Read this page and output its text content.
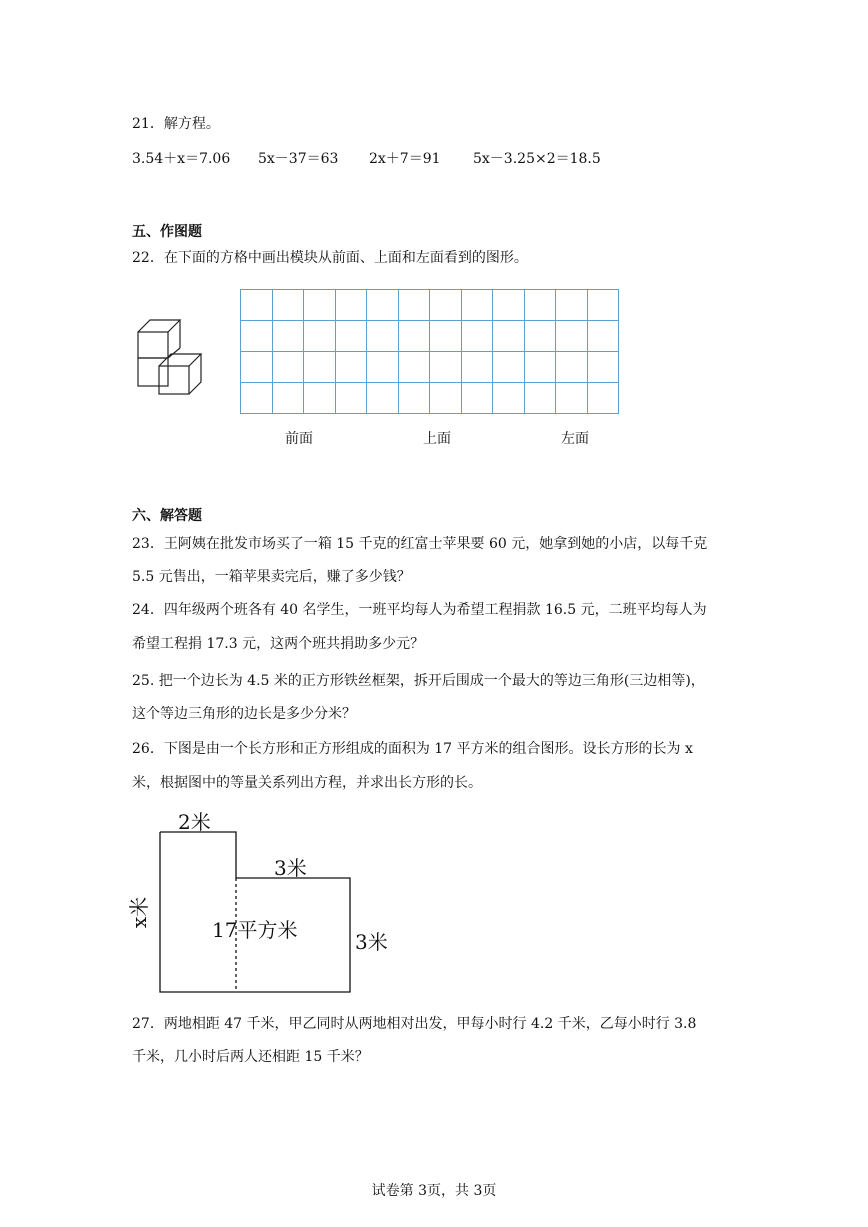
21．解方程。
3.54＋x＝7.06 5x－37＝63 2x＋7＝91 5x－3.25×2＝18.5
五、作图题
22．在下面的方格中画出模块从前面、上面和左面看到的图形。

前面	上面	左面
六、解答题
23．王阿姨在批发市场买了一箱 15 千克的红富士苹果要 60 元，她拿到她的小店，以每千克
5.5 元售出，一箱苹果卖完后，赚了多少钱？
24．四年级两个班各有 40 名学生，一班平均每人为希望工程捐款 16.5 元，二班平均每人为
希望工程捐 17.3 元，这两个班共捐助多少元？
25. 把一个边长为 4.5 米的正方形铁丝框架，拆开后围成一个最大的等边三角形(三边相等)，
这个等边三角形的边长是多少分米？
26．下图是由一个长方形和正方形组成的面积为 17 平方米的组合图形。设长方形的长为 x
米，根据图中的等量关系列出方程，并求出长方形的长。
2米
3米
17平方米	3米
x米
27．两地相距 47 千米，甲乙同时从两地相对出发，甲每小时行 4.2 千米，乙每小时行 3.8
千米，几小时后两人还相距 15 千米？
试卷第 3页，共 3页
